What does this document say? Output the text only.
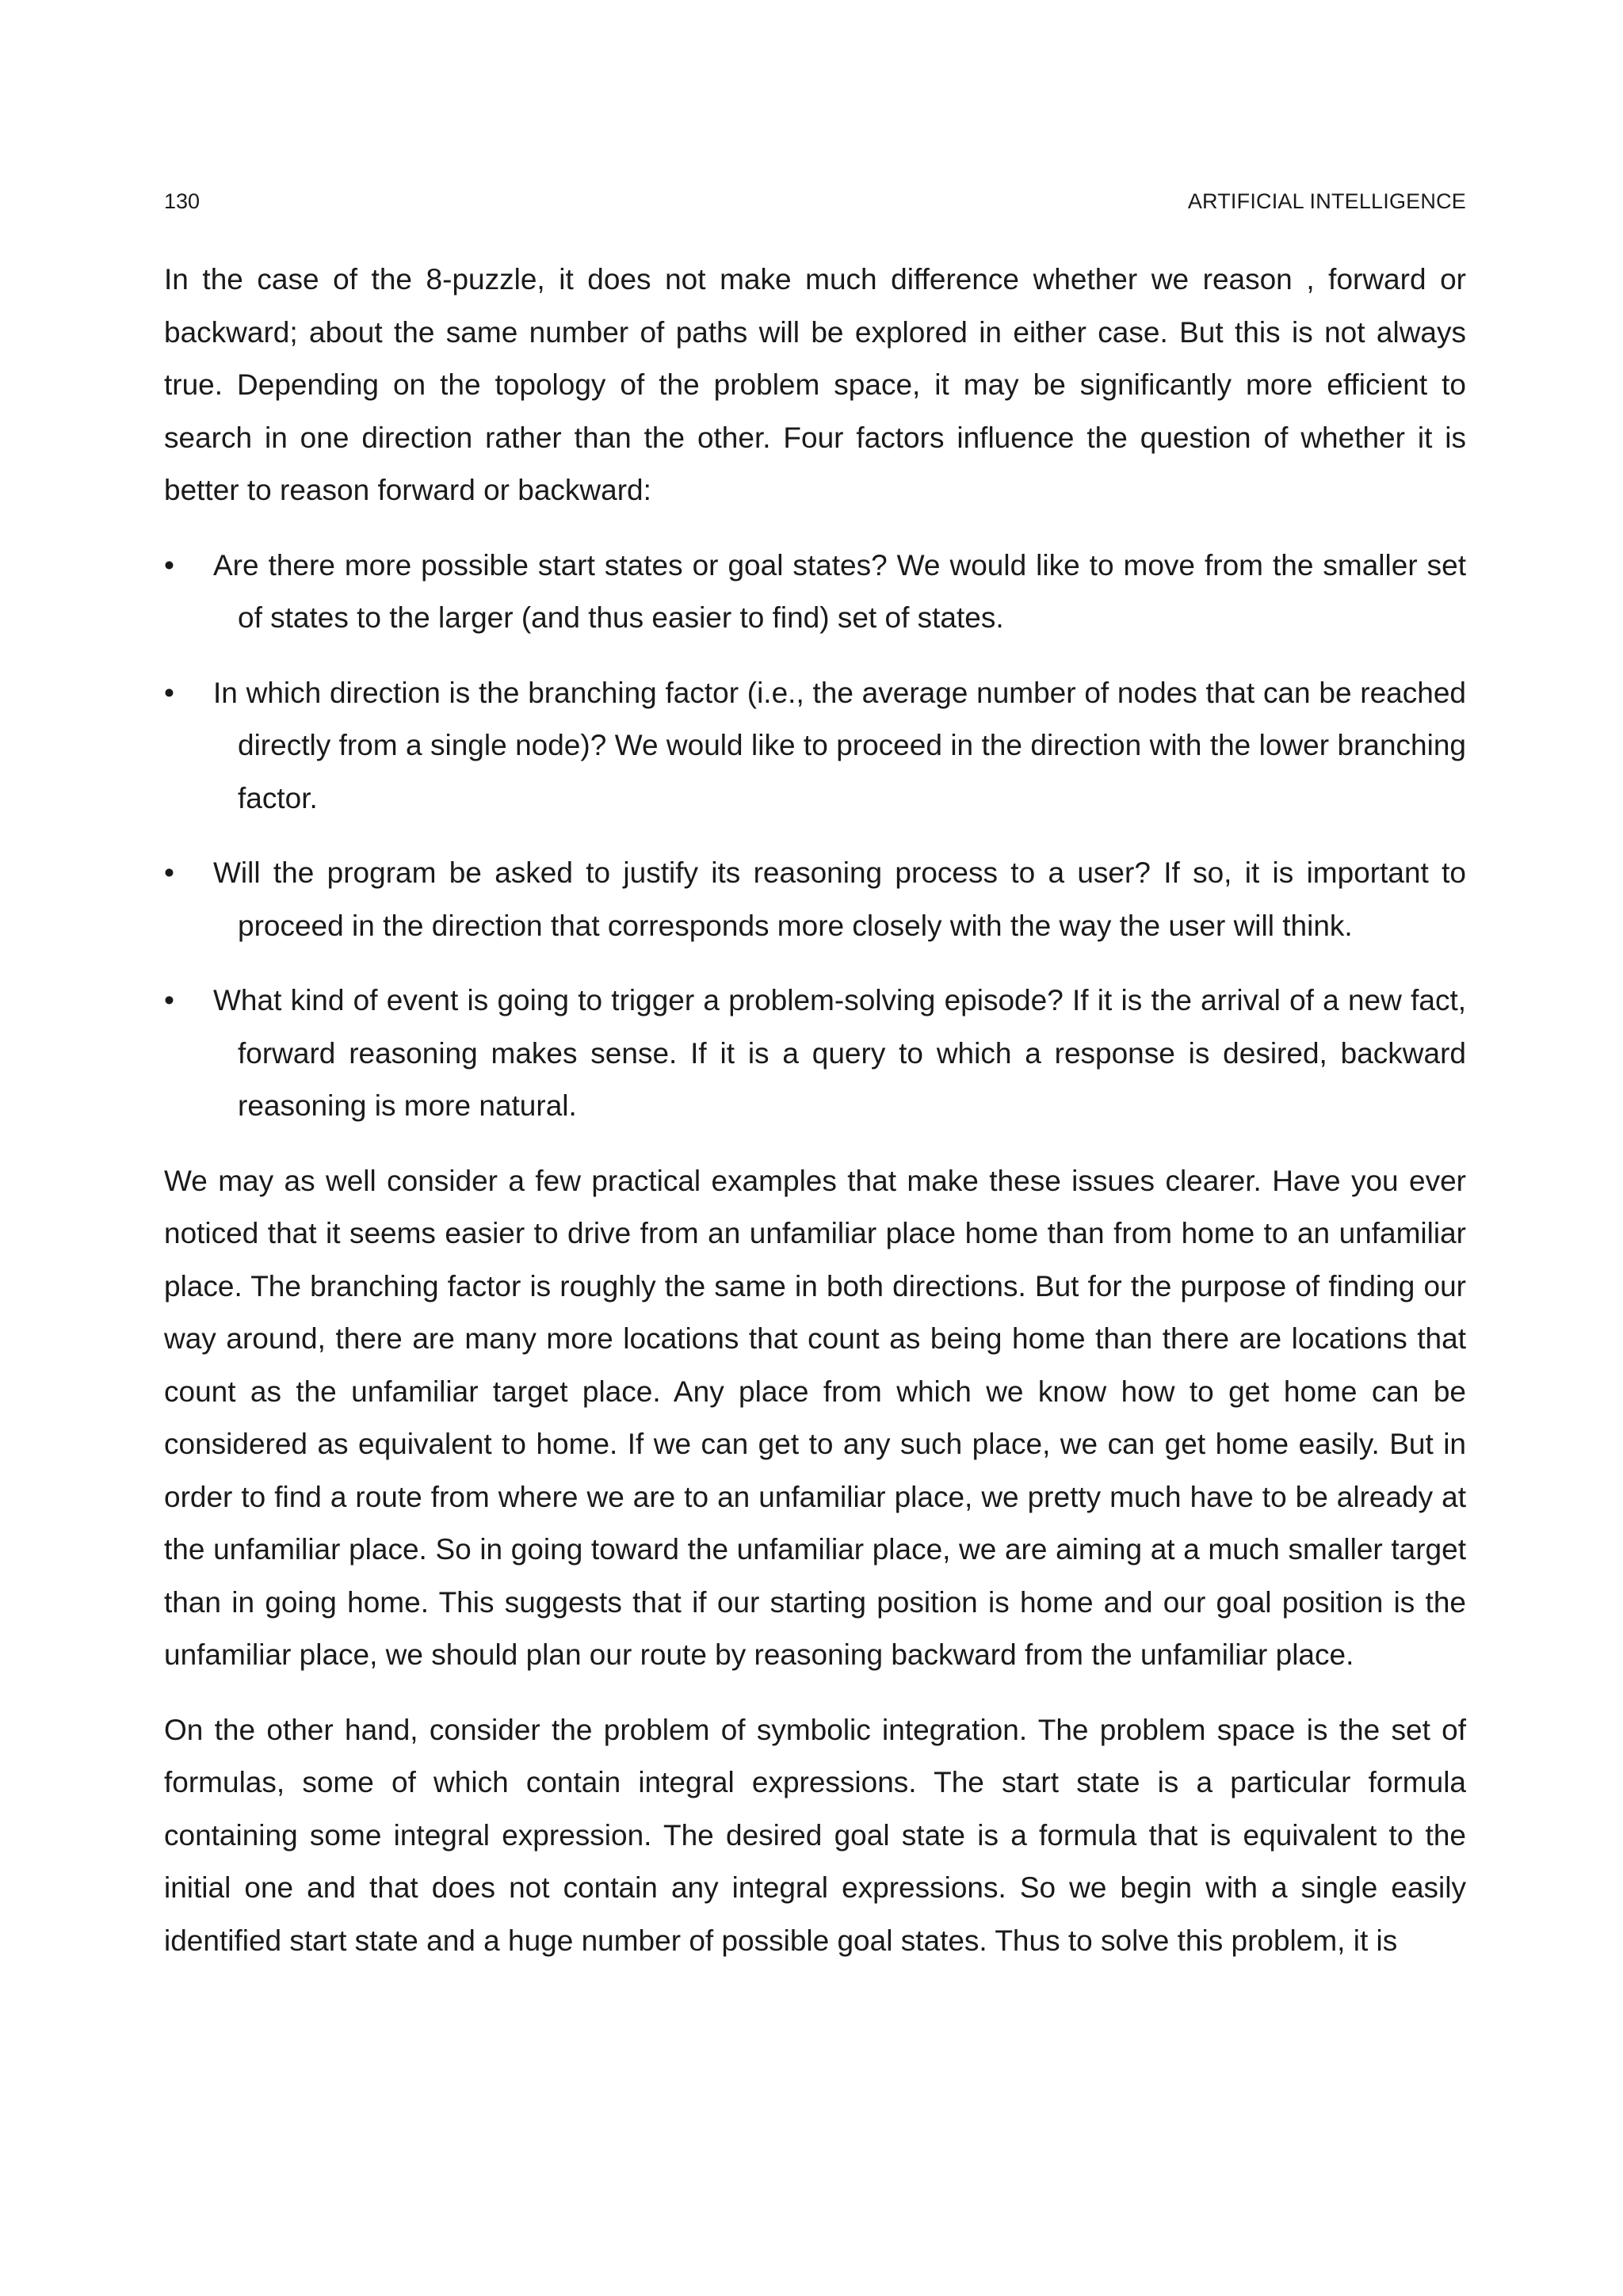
130	ARTIFICIAL INTELLIGENCE

In the case of the 8-puzzle, it does not make much difference whether we reason , forward or backward; about the same number of paths will be explored in either case. But this is not always true. Depending on the topology of the problem space, it may be significantly more efficient to search in one direction rather than the other. Four factors influence the question of whether it is better to reason forward or backward:

• Are there more possible start states or goal states? We would like to move from the smaller set of states to the larger (and thus easier to find) set of states.
• In which direction is the branching factor (i.e., the average number of nodes that can be reached directly from a single node)? We would like to proceed in the direction with the lower branching factor.
• Will the program be asked to justify its reasoning process to a user? If so, it is important to proceed in the direction that corresponds more closely with the way the user will think.
• What kind of event is going to trigger a problem-solving episode? If it is the arrival of a new fact, forward reasoning makes sense. If it is a query to which a response is desired, backward reasoning is more natural.

We may as well consider a few practical examples that make these issues clearer. Have you ever noticed that it seems easier to drive from an unfamiliar place home than from home to an unfamiliar place. The branching factor is roughly the same in both directions. But for the purpose of finding our way around, there are many more locations that count as being home than there are locations that count as the unfamiliar target place. Any place from which we know how to get home can be considered as equivalent to home. If we can get to any such place, we can get home easily. But in order to find a route from where we are to an unfamiliar place, we pretty much have to be already at the unfamiliar place. So in going toward the unfamiliar place, we are aiming at a much smaller target than in going home. This suggests that if our starting position is home and our goal position is the unfamiliar place, we should plan our route by reasoning backward from the unfamiliar place.

On the other hand, consider the problem of symbolic integration. The problem space is the set of formulas, some of which contain integral expressions. The start state is a particular formula containing some integral expression. The desired goal state is a formula that is equivalent to the initial one and that does not contain any integral expressions. So we begin with a single easily identified start state and a huge number of possible goal states. Thus to solve this problem, it is
